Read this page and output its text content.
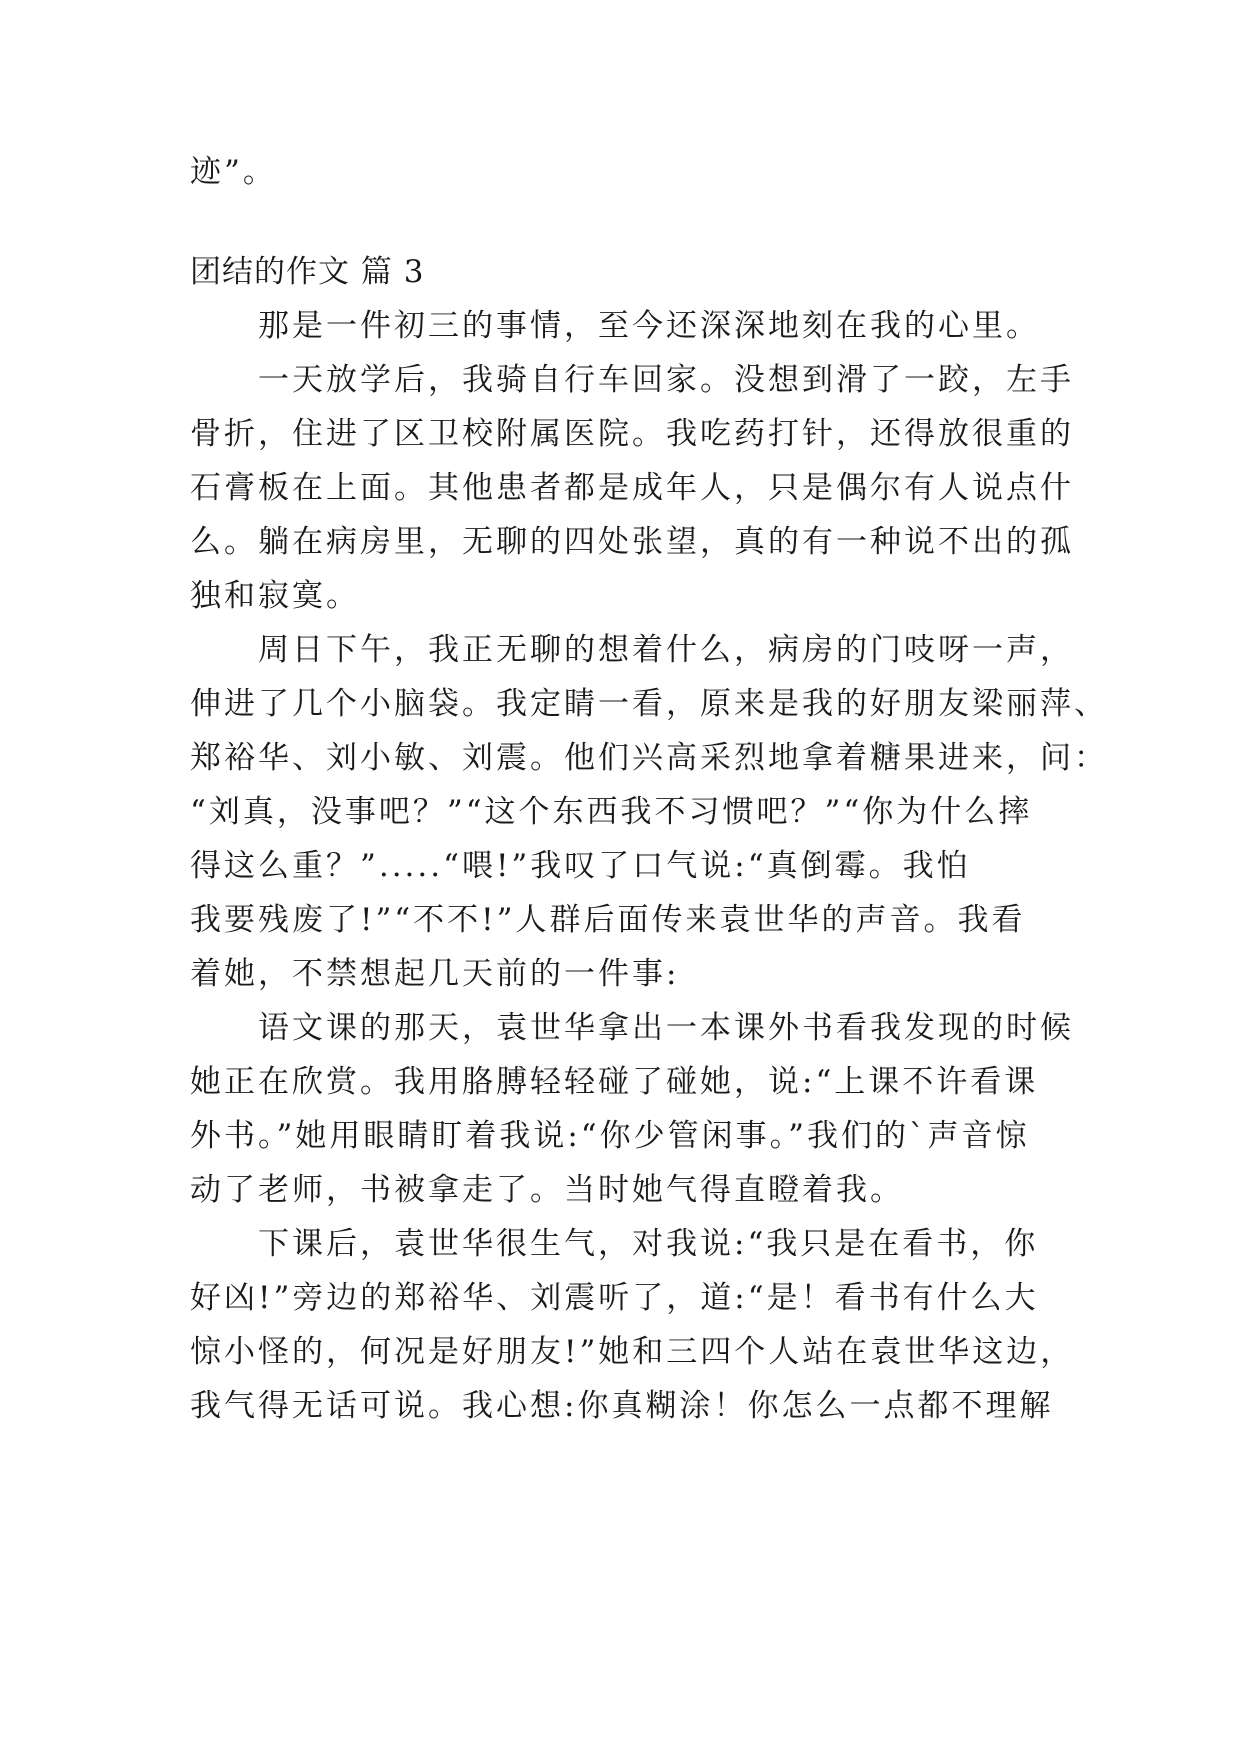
迹”。
团结的作文 篇 3
　　那是一件初三的事情，至今还深深地刻在我的心里。
　　一天放学后，我骑自行车回家。没想到滑了一跤，左手
骨折，住进了区卫校附属医院。我吃药打针，还得放很重的
石膏板在上面。其他患者都是成年人，只是偶尔有人说点什
么。躺在病房里，无聊的四处张望，真的有一种说不出的孤
独和寂寞。
　　周日下午，我正无聊的想着什么，病房的门吱呀一声，
伸进了几个小脑袋。我定睛一看，原来是我的好朋友梁丽萍、
郑裕华、刘小敏、刘震。他们兴高采烈地拿着糖果进来，问：
“刘真，没事吧？”“这个东西我不习惯吧？”“你为什么摔
得这么重？”.....“喂!”我叹了口气说:“真倒霉。我怕
我要残废了!”“不不!”人群后面传来袁世华的声音。我看
着她，不禁想起几天前的一件事:
　　语文课的那天，袁世华拿出一本课外书看我发现的时候
她正在欣赏。我用胳膊轻轻碰了碰她，说:“上课不许看课
外书。”她用眼睛盯着我说:“你少管闲事。”我们的`声音惊
动了老师，书被拿走了。当时她气得直瞪着我。
　　下课后，袁世华很生气，对我说:“我只是在看书，你
好凶!”旁边的郑裕华、刘震听了，道:“是！看书有什么大
惊小怪的，何况是好朋友!”她和三四个人站在袁世华这边，
我气得无话可说。我心想:你真糊涂！你怎么一点都不理解
